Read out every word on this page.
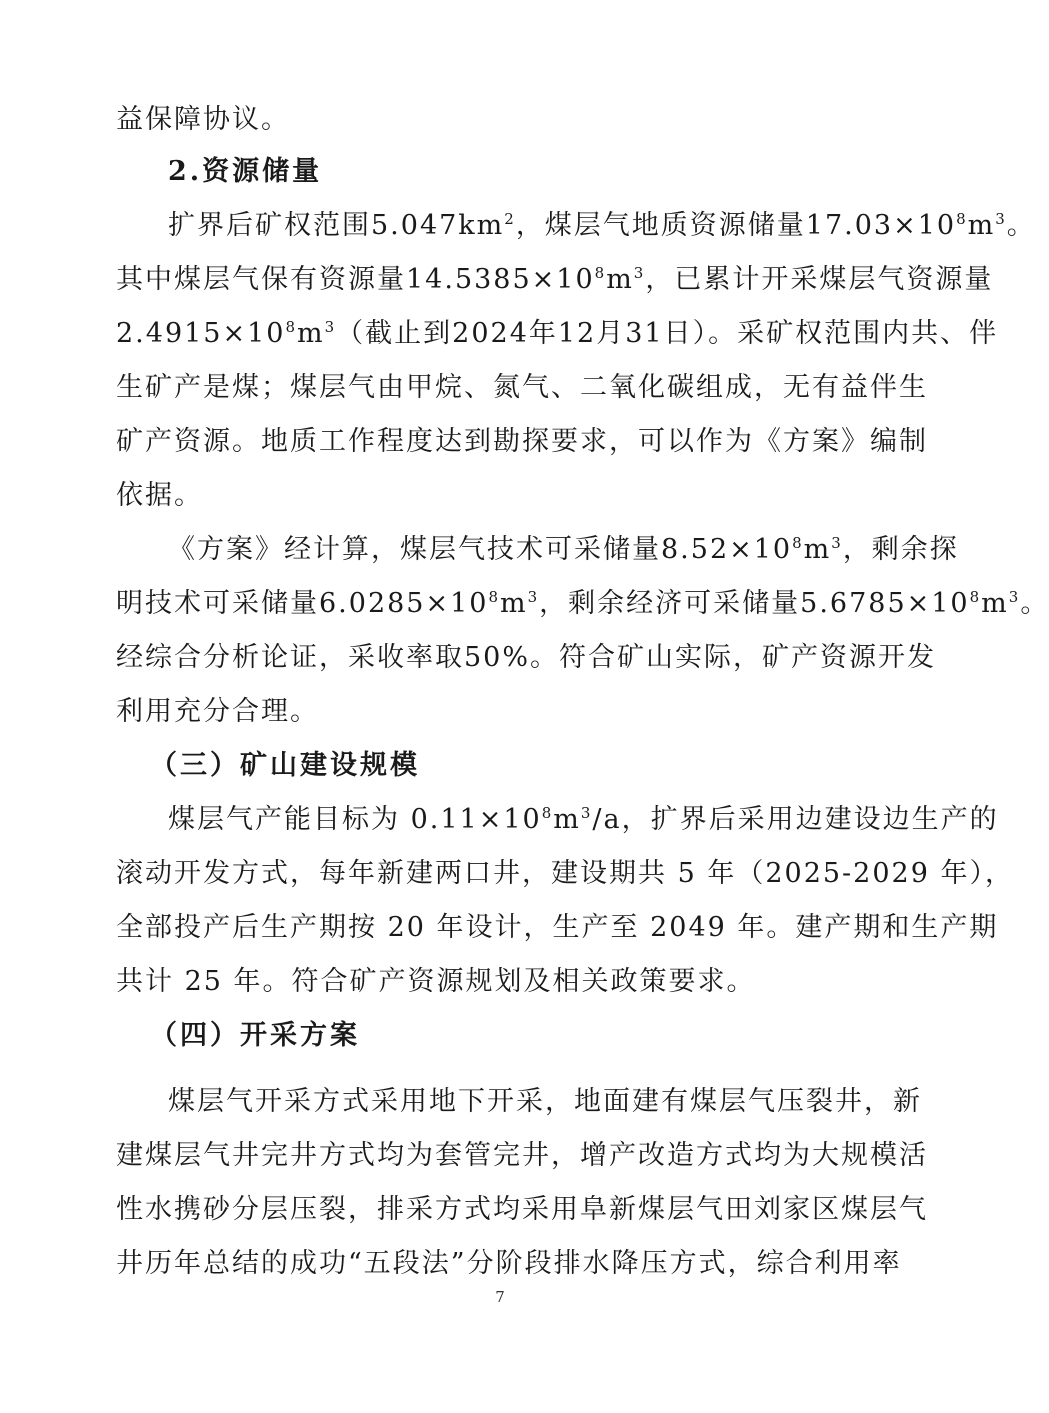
益保障协议。
2.资源储量
扩界后矿权范围$5.047km^2$，煤层气地质资源储量$17.03\times 10^8m^3$。
其中煤层气保有资源量$14.5385\times 10^8m^3$，已累计开采煤层气资源量
$2.4915\times 10^8m^3$（截止到2024年12月31日）。采矿权范围内共、伴
生矿产是煤；煤层气由甲烷、氮气、二氧化碳组成，无有益伴生
矿产资源。地质工作程度达到勘探要求，可以作为《方案》编制
依据。
《方案》经计算，煤层气技术可采储量$8.52\times 10^8m^3$，剩余探
明技术可采储量$6.0285\times 10^8m^3$，剩余经济可采储量$5.6785\times 10^8m^3$。
经综合分析论证，采收率取50%。符合矿山实际，矿产资源开发
利用充分合理。
（三）矿山建设规模
煤层气产能目标为 $0.11\times 10^8m^3/a$，扩界后采用边建设边生产的
滚动开发方式，每年新建两口井，建设期共 5 年（2025-2029 年），
全部投产后生产期按 20 年设计，生产至 2049 年。建产期和生产期
共计 25 年。符合矿产资源规划及相关政策要求。
（四）开采方案
煤层气开采方式采用地下开采，地面建有煤层气压裂井，新
建煤层气井完井方式均为套管完井，增产改造方式均为大规模活
性水携砂分层压裂，排采方式均采用阜新煤层气田刘家区煤层气
井历年总结的成功“五段法”分阶段排水降压方式，综合利用率
7
